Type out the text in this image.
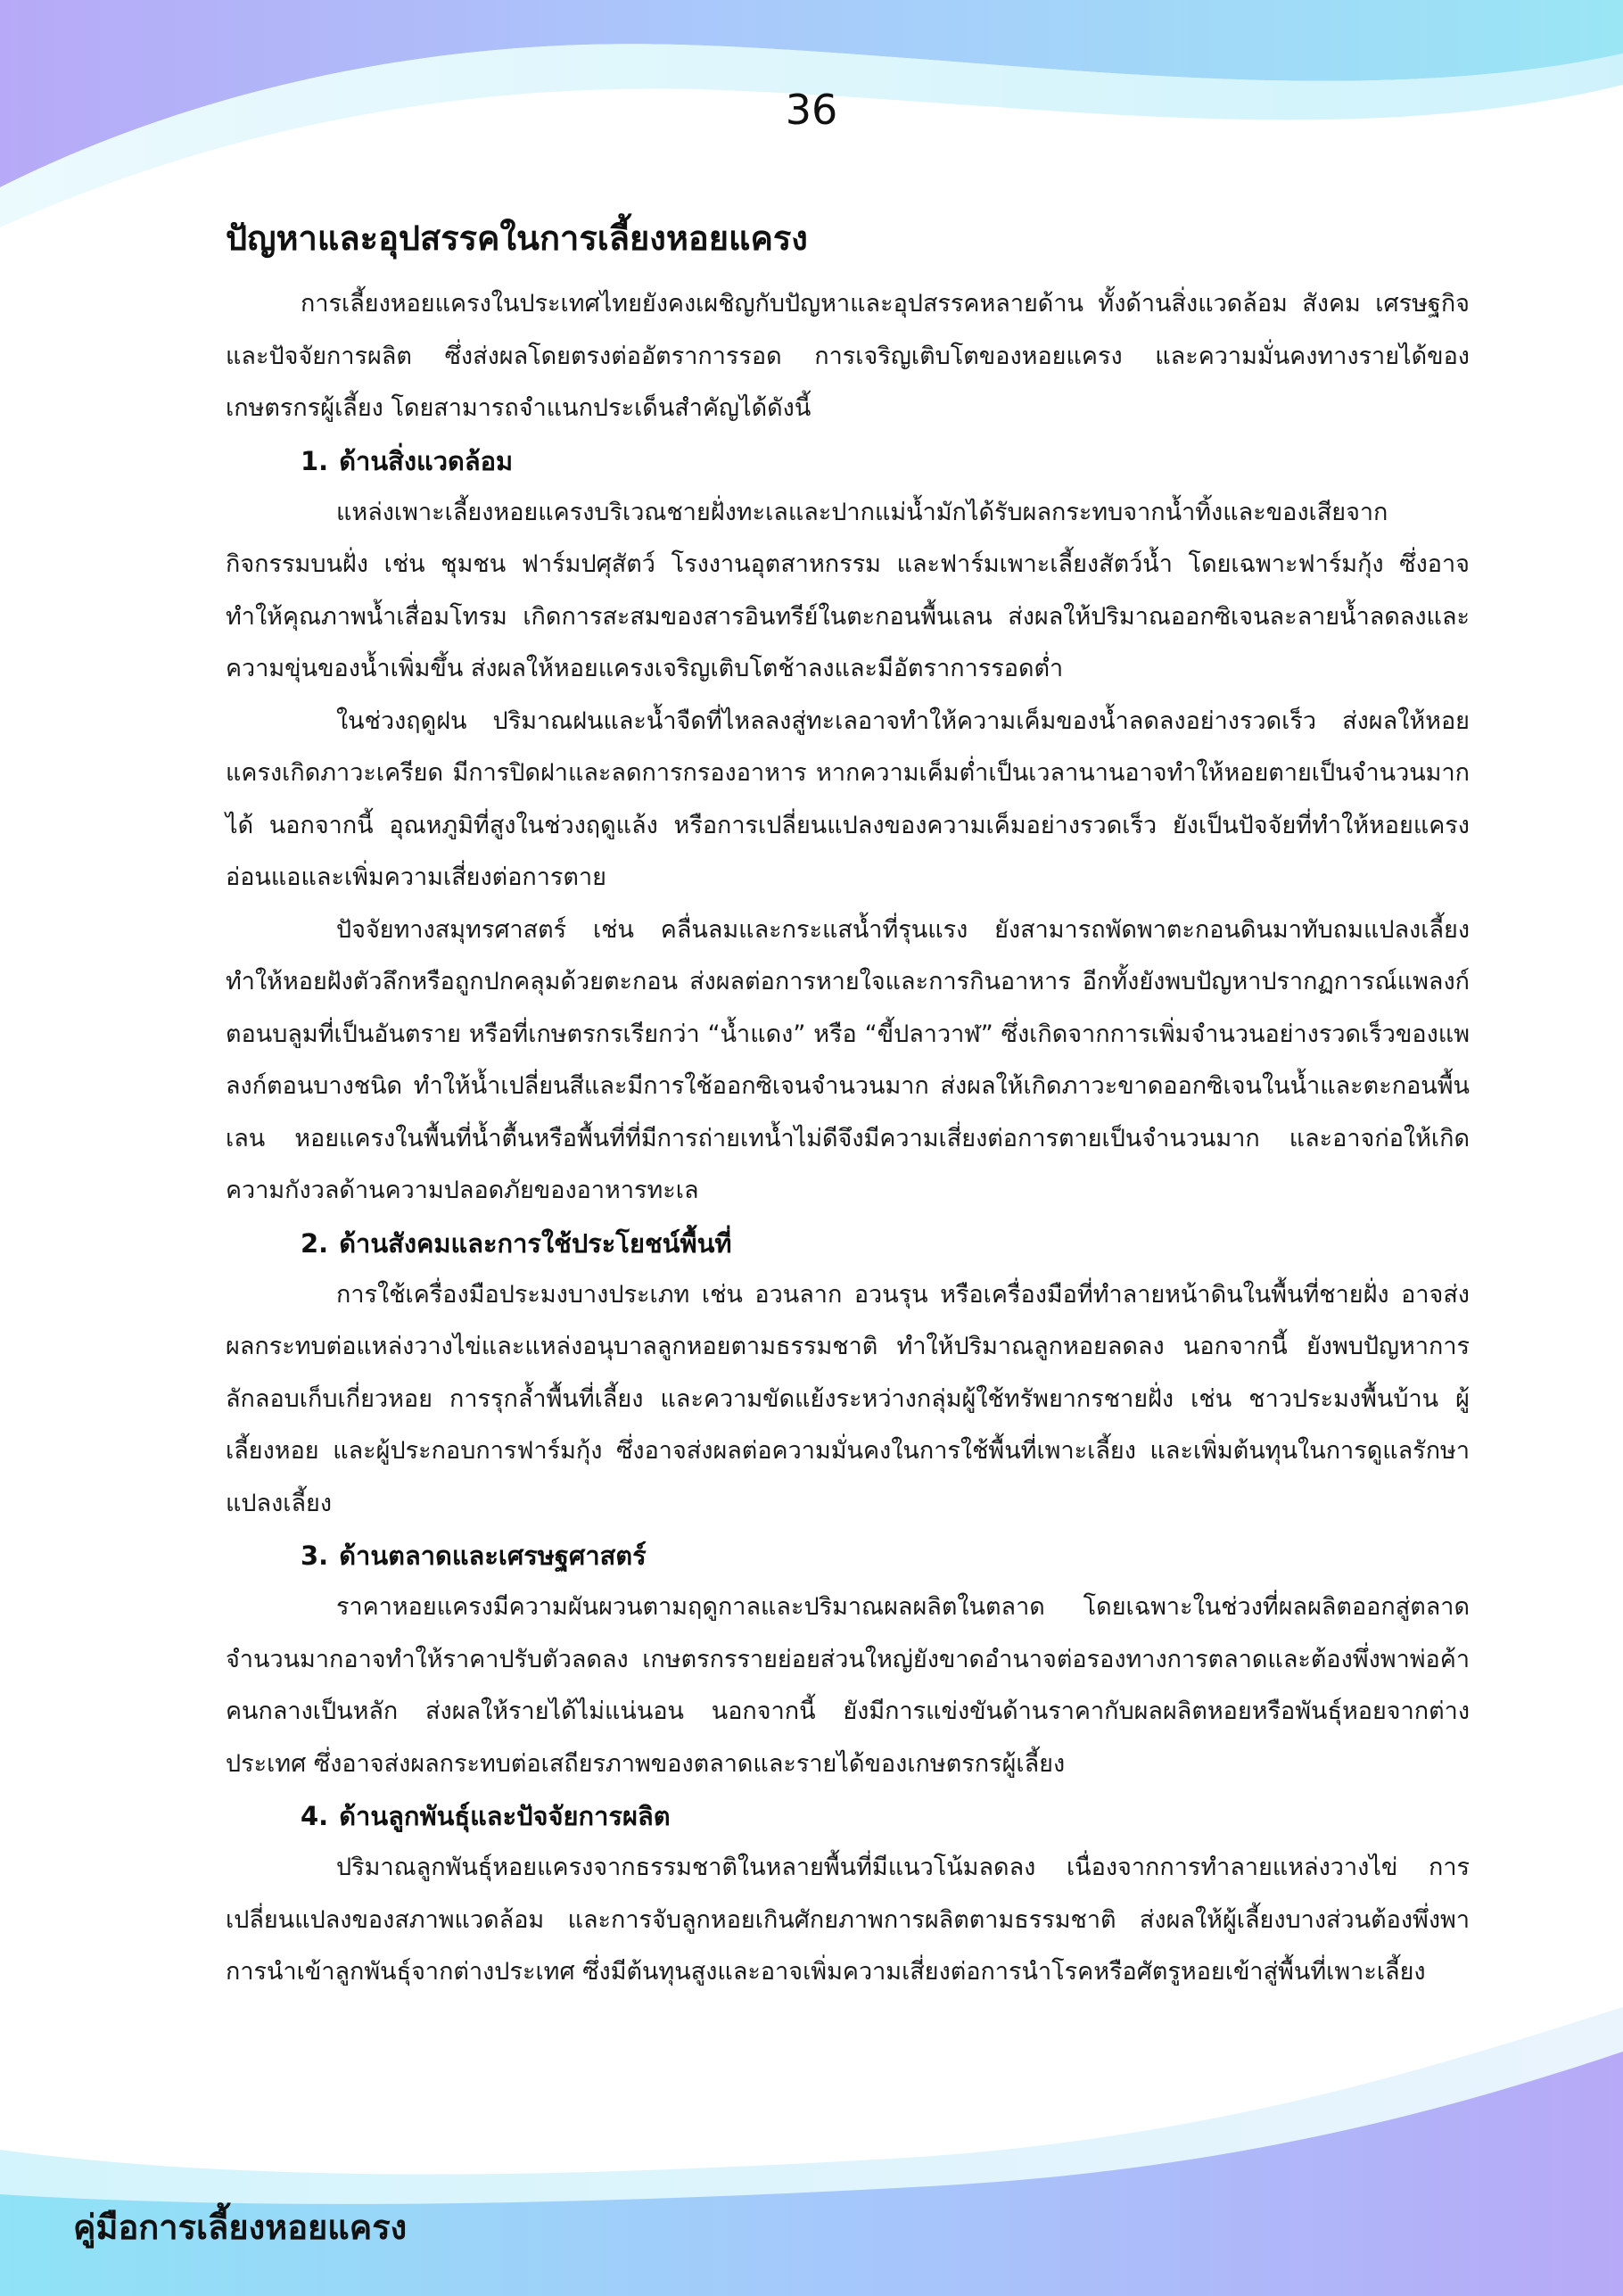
36
ปัญหาและอุปสรรคในการเลี้ยงหอยแครง

การเลี้ยงหอยแครงในประเทศไทยยังคงเผชิญกับปัญหาและอุปสรรคหลายด้าน ทั้งด้านสิ่งแวดล้อม สังคม เศรษฐกิจ และปัจจัยการผลิต ซึ่งส่งผลโดยตรงต่ออัตราการรอด การเจริญเติบโตของหอยแครง และความมั่นคงทางรายได้ของเกษตรกรผู้เลี้ยง โดยสามารถจำแนกประเด็นสำคัญได้ดังนี้

1. ด้านสิ่งแวดล้อม

แหล่งเพาะเลี้ยงหอยแครงบริเวณชายฝั่งทะเลและปากแม่น้ำมักได้รับผลกระทบจากน้ำทิ้งและของเสียจากกิจกรรมบนฝั่ง เช่น ชุมชน ฟาร์มปศุสัตว์ โรงงานอุตสาหกรรม และฟาร์มเพาะเลี้ยงสัตว์น้ำ โดยเฉพาะฟาร์มกุ้ง ซึ่งอาจทำให้คุณภาพน้ำเสื่อมโทรม เกิดการสะสมของสารอินทรีย์ในตะกอนพื้นเลน ส่งผลให้ปริมาณออกซิเจนละลายน้ำลดลงและความขุ่นของน้ำเพิ่มขึ้น ส่งผลให้หอยแครงเจริญเติบโตช้าลงและมีอัตราการรอดต่ำ

ในช่วงฤดูฝน ปริมาณฝนและน้ำจืดที่ไหลลงสู่ทะเลอาจทำให้ความเค็มของน้ำลดลงอย่างรวดเร็ว ส่งผลให้หอยแครงเกิดภาวะเครียด มีการปิดฝาและลดการกรองอาหาร หากความเค็มต่ำเป็นเวลานานอาจทำให้หอยตายเป็นจำนวนมากได้ นอกจากนี้ อุณหภูมิที่สูงในช่วงฤดูแล้ง หรือการเปลี่ยนแปลงของความเค็มอย่างรวดเร็ว ยังเป็นปัจจัยที่ทำให้หอยแครงอ่อนแอและเพิ่มความเสี่ยงต่อการตาย

ปัจจัยทางสมุทรศาสตร์ เช่น คลื่นลมและกระแสน้ำที่รุนแรง ยังสามารถพัดพาตะกอนดินมาทับถมแปลงเลี้ยง ทำให้หอยฝังตัวลึกหรือถูกปกคลุมด้วยตะกอน ส่งผลต่อการหายใจและการกินอาหาร อีกทั้งยังพบปัญหาปรากฏการณ์แพลงก์ตอนบลูมที่เป็นอันตราย หรือที่เกษตรกรเรียกว่า “น้ำแดง” หรือ “ขี้ปลาวาฬ” ซึ่งเกิดจากการเพิ่มจำนวนอย่างรวดเร็วของแพลงก์ตอนบางชนิด ทำให้น้ำเปลี่ยนสีและมีการใช้ออกซิเจนจำนวนมาก ส่งผลให้เกิดภาวะขาดออกซิเจนในน้ำและตะกอนพื้นเลน หอยแครงในพื้นที่น้ำตื้นหรือพื้นที่ที่มีการถ่ายเทน้ำไม่ดีจึงมีความเสี่ยงต่อการตายเป็นจำนวนมาก และอาจก่อให้เกิดความกังวลด้านความปลอดภัยของอาหารทะเล

2. ด้านสังคมและการใช้ประโยชน์พื้นที่

การใช้เครื่องมือประมงบางประเภท เช่น อวนลาก อวนรุน หรือเครื่องมือที่ทำลายหน้าดินในพื้นที่ชายฝั่ง อาจส่งผลกระทบต่อแหล่งวางไข่และแหล่งอนุบาลลูกหอยตามธรรมชาติ ทำให้ปริมาณลูกหอยลดลง นอกจากนี้ ยังพบปัญหาการลักลอบเก็บเกี่ยวหอย การรุกล้ำพื้นที่เลี้ยง และความขัดแย้งระหว่างกลุ่มผู้ใช้ทรัพยากรชายฝั่ง เช่น ชาวประมงพื้นบ้าน ผู้เลี้ยงหอย และผู้ประกอบการฟาร์มกุ้ง ซึ่งอาจส่งผลต่อความมั่นคงในการใช้พื้นที่เพาะเลี้ยง และเพิ่มต้นทุนในการดูแลรักษาแปลงเลี้ยง

3. ด้านตลาดและเศรษฐศาสตร์

ราคาหอยแครงมีความผันผวนตามฤดูกาลและปริมาณผลผลิตในตลาด โดยเฉพาะในช่วงที่ผลผลิตออกสู่ตลาดจำนวนมากอาจทำให้ราคาปรับตัวลดลง เกษตรกรรายย่อยส่วนใหญ่ยังขาดอำนาจต่อรองทางการตลาดและต้องพึ่งพาพ่อค้าคนกลางเป็นหลัก ส่งผลให้รายได้ไม่แน่นอน นอกจากนี้ ยังมีการแข่งขันด้านราคากับผลผลิตหอยหรือพันธุ์หอยจากต่างประเทศ ซึ่งอาจส่งผลกระทบต่อเสถียรภาพของตลาดและรายได้ของเกษตรกรผู้เลี้ยง

4. ด้านลูกพันธุ์และปัจจัยการผลิต

ปริมาณลูกพันธุ์หอยแครงจากธรรมชาติในหลายพื้นที่มีแนวโน้มลดลง เนื่องจากการทำลายแหล่งวางไข่ การเปลี่ยนแปลงของสภาพแวดล้อม และการจับลูกหอยเกินศักยภาพการผลิตตามธรรมชาติ ส่งผลให้ผู้เลี้ยงบางส่วนต้องพึ่งพาการนำเข้าลูกพันธุ์จากต่างประเทศ ซึ่งมีต้นทุนสูงและอาจเพิ่มความเสี่ยงต่อการนำโรคหรือศัตรูหอยเข้าสู่พื้นที่เพาะเลี้ยง

คู่มือการเลี้ยงหอยแครง
